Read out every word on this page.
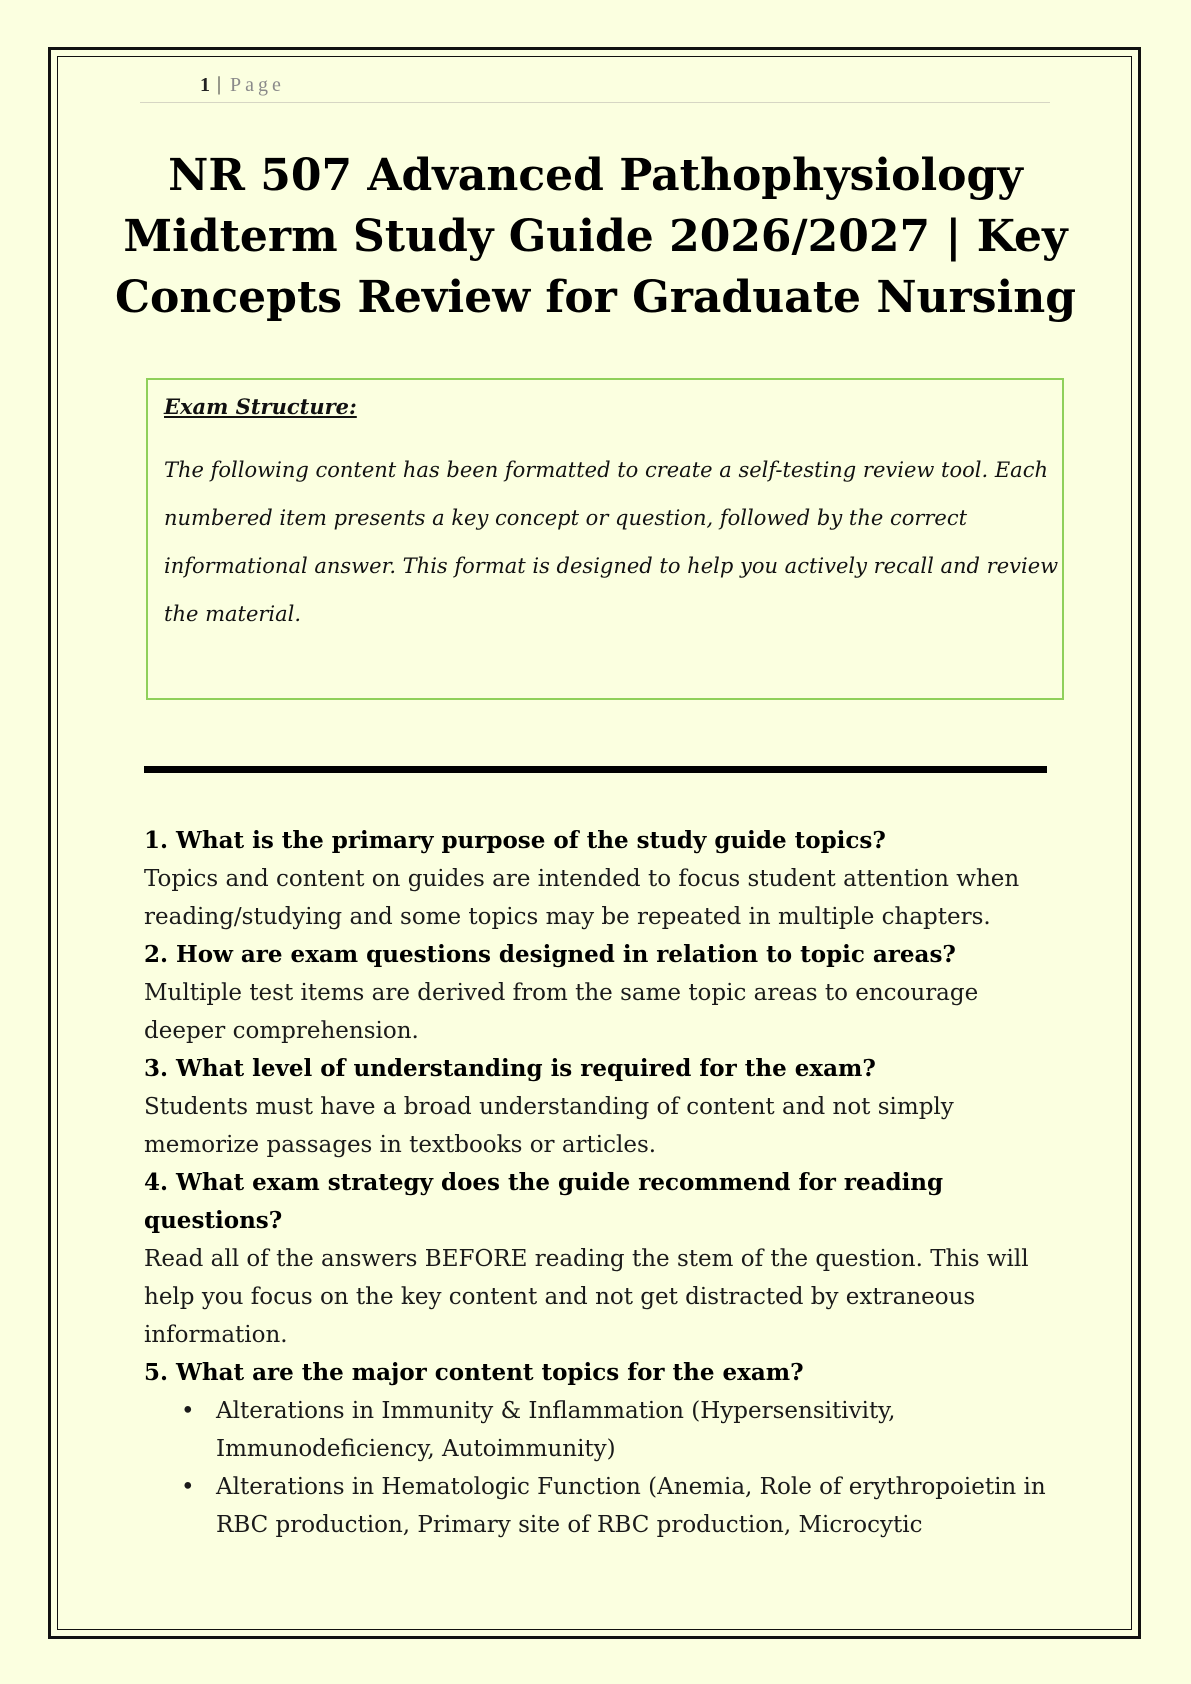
1 | Page
NR 507 Advanced Pathophysiology Midterm Study Guide 2026/2027 | Key Concepts Review for Graduate Nursing
Exam Structure:
The following content has been formatted to create a self-testing review tool. Each numbered item presents a key concept or question, followed by the correct informational answer. This format is designed to help you actively recall and review the material.

1. What is the primary purpose of the study guide topics?

Topics and content on guides are intended to focus student attention when reading/studying and some topics may be repeated in multiple chapters.

2. How are exam questions designed in relation to topic areas?

Multiple test items are derived from the same topic areas to encourage deeper comprehension.

3. What level of understanding is required for the exam?

Students must have a broad understanding of content and not simply memorize passages in textbooks or articles.

4. What exam strategy does the guide recommend for reading questions?

Read all of the answers BEFORE reading the stem of the question. This will help you focus on the key content and not get distracted by extraneous information.

5. What are the major content topics for the exam?

• Alterations in Immunity & Inflammation (Hypersensitivity, Immunodeficiency, Autoimmunity)
• Alterations in Hematologic Function (Anemia, Role of erythropoietin in RBC production, Primary site of RBC production, Microcytic
